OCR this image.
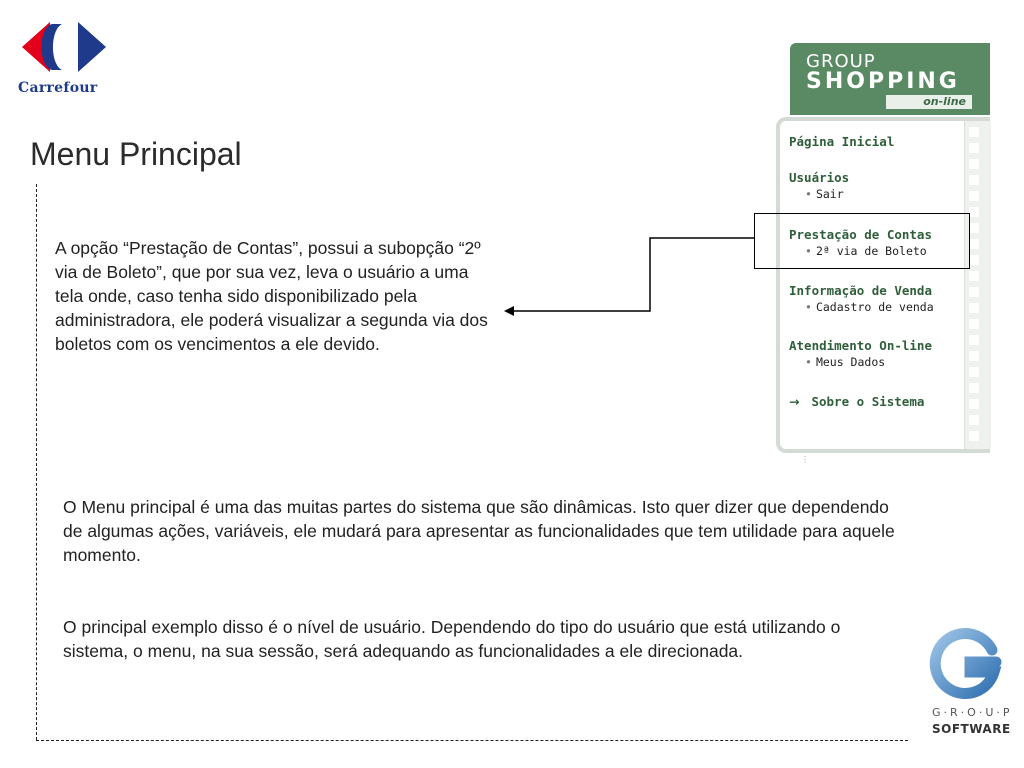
Carrefour
Menu Principal

A opção “Prestação de Contas”, possui a subopção “2º via de Boleto”, que por sua vez, leva o usuário a uma tela onde, caso tenha sido disponibilizado pela administradora, ele poderá visualizar a segunda via dos boletos com os vencimentos a ele devido.

O Menu principal é uma das muitas partes do sistema que são dinâmicas. Isto quer dizer que dependendo de algumas ações, variáveis, ele mudará para apresentar as funcionalidades que tem utilidade para aquele momento.

O principal exemplo disso é o nível de usuário. Dependendo do tipo do usuário que está utilizando o sistema, o menu, na sua sessão, será adequando as funcionalidades a ele direcionada.

GROUP
SHOPPING
on-line

Página Inicial

Usuários

• Sair

Prestação de Contas

• 2ª via de Boleto

Informação de Venda

• Cadastro de venda

Atendimento On-line

• Meus Dados

→ Sobre o Sistema

⋮
G·R·O·U·P
SOFTWARE
